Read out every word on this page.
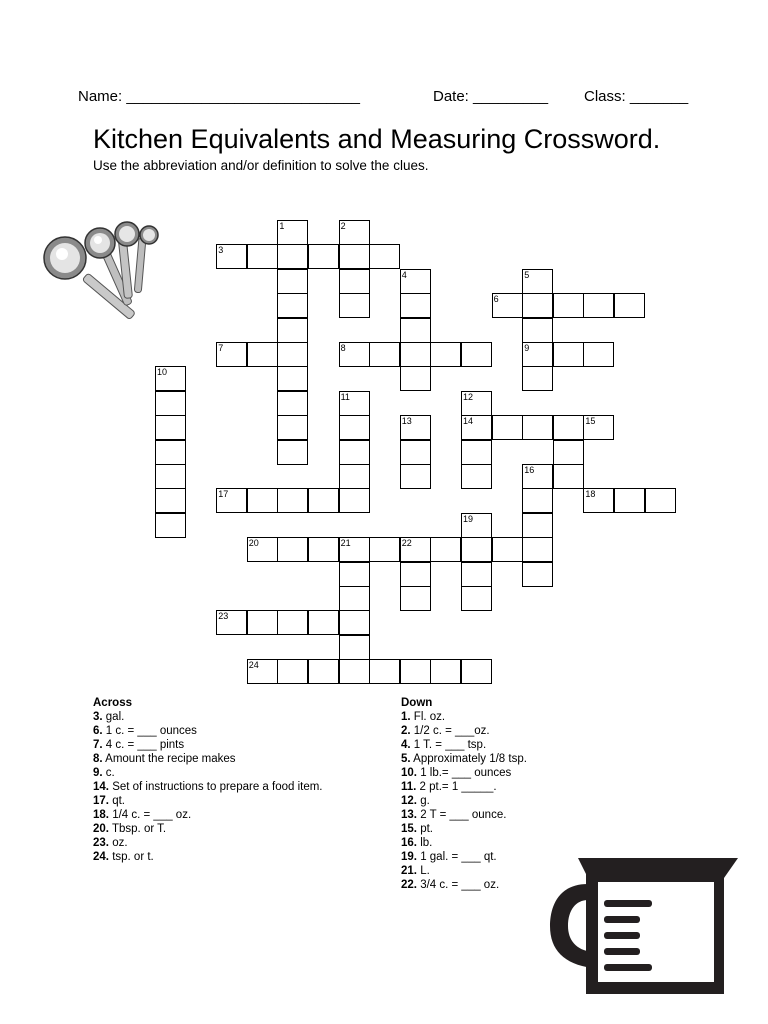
Name: ____________________________	Date: _________ Class: _______
Kitchen Equivalents and Measuring Crossword.
Use the abbreviation and/or definition to solve the clues.
1	2
3
4	5
6
7	8	9
10
11	12
13	14	15
16
17	18
19
20	21	22
23
24
Across
3. gal.
6. 1 c. = ___ ounces
7. 4 c. = ___ pints
8. Amount the recipe makes
9. c.
14. Set of instructions to prepare a food item.
17. qt.
18. 1/4 c. = ___ oz.
20. Tbsp. or T.
23. oz.
24. tsp. or t.
Down
1. Fl. oz.
2. 1/2 c. = ___oz.
4. 1 T. = ___ tsp.
5. Approximately 1/8 tsp.
10. 1 lb.= ___ ounces
11. 2 pt.= 1 _____.
12. g.
13. 2 T = ___ ounce.
15. pt.
16. lb.
19. 1 gal. = ___ qt.
21. L.
22. 3/4 c. = ___ oz.
